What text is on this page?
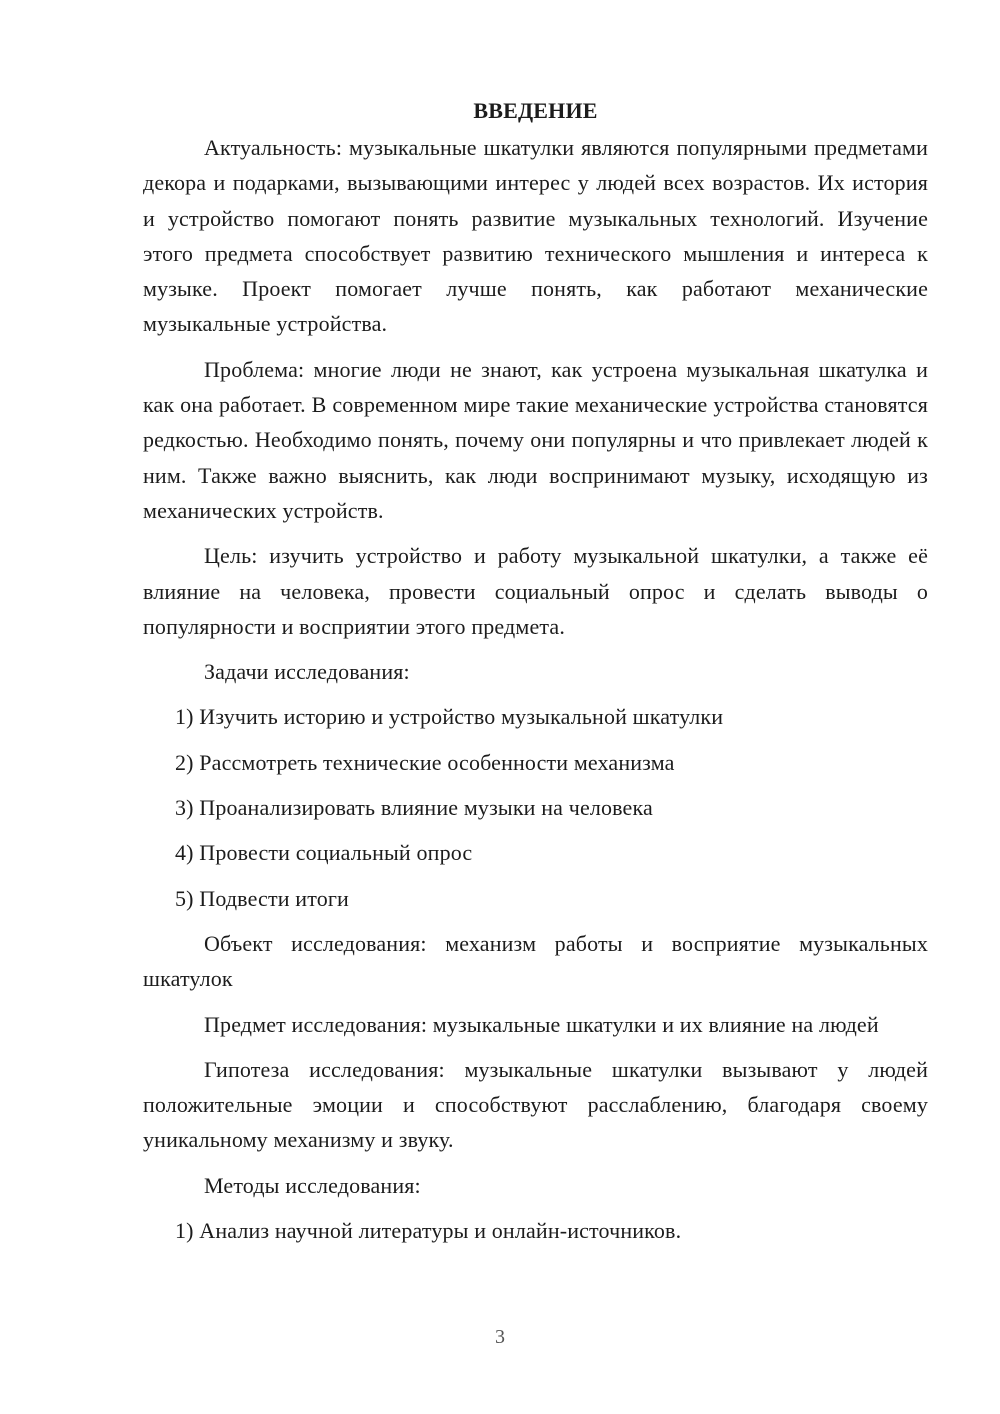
ВВЕДЕНИЕ

Актуальность: музыкальные шкатулки являются популярными предметами декора и подарками, вызывающими интерес у людей всех возрастов. Их история и устройство помогают понять развитие музыкальных технологий. Изучение этого предмета способствует развитию технического мышления и интереса к музыке. Проект помогает лучше понять, как работают механические музыкальные устройства.

Проблема: многие люди не знают, как устроена музыкальная шкатулка и как она работает. В современном мире такие механические устройства становятся редкостью. Необходимо понять, почему они популярны и что привлекает людей к ним. Также важно выяснить, как люди воспринимают музыку, исходящую из механических устройств.

Цель: изучить устройство и работу музыкальной шкатулки, а также её влияние на человека, провести социальный опрос и сделать выводы о популярности и восприятии этого предмета.

Задачи исследования:

1) Изучить историю и устройство музыкальной шкатулки

2) Рассмотреть технические особенности механизма

3) Проанализировать влияние музыки на человека

4) Провести социальный опрос

5) Подвести итоги

Объект исследования: механизм работы и восприятие музыкальных шкатулок

Предмет исследования: музыкальные шкатулки и их влияние на людей

Гипотеза исследования: музыкальные шкатулки вызывают у людей положительные эмоции и способствуют расслаблению, благодаря своему уникальному механизму и звуку.

Методы исследования:

1) Анализ научной литературы и онлайн-источников.

3
